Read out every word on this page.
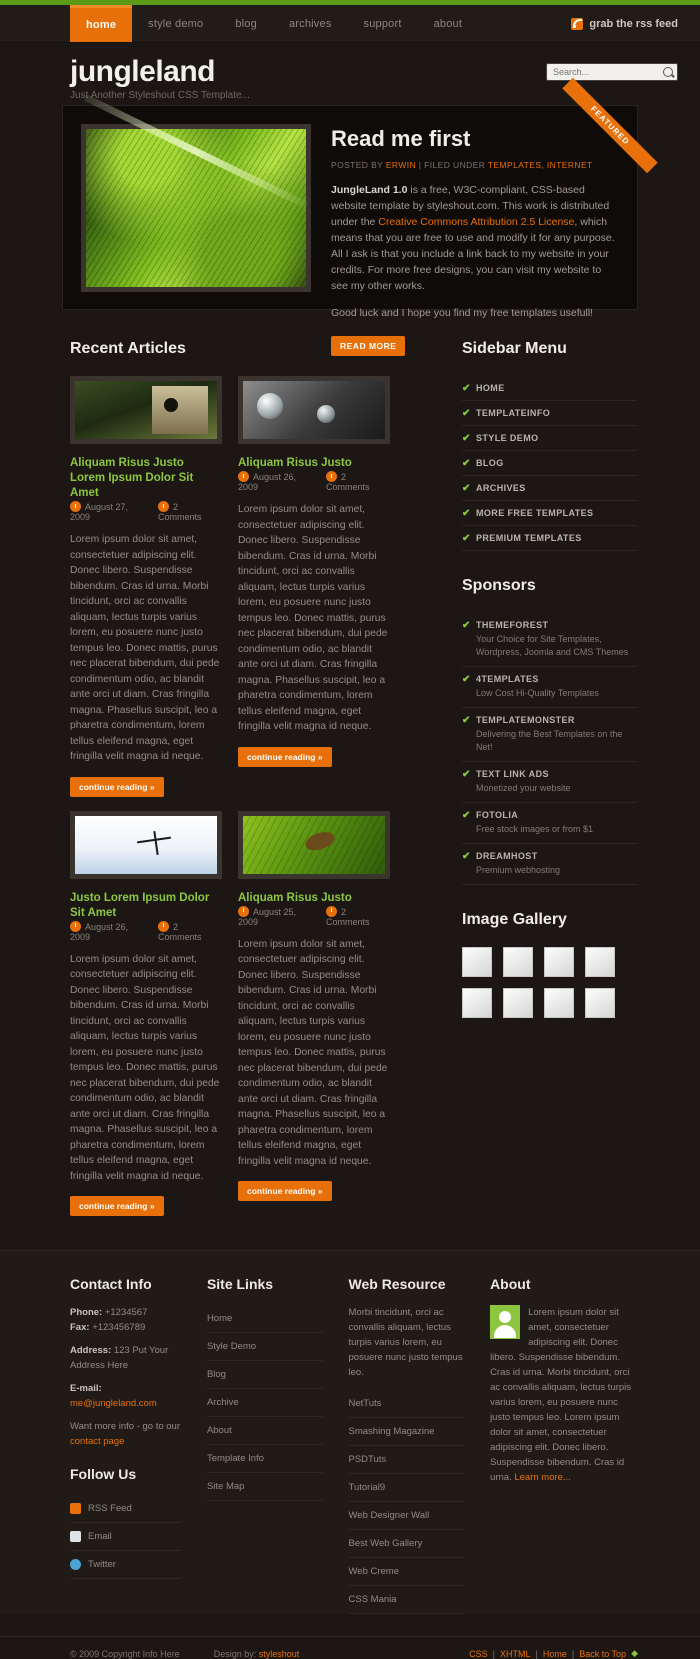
home	style demo	blog	archives	support	about	grab the rss feed
jungleland
Just Another Styleshout CSS Template...
Search...
FEATURED
Read me first
POSTED BY ERWIN | FILED UNDER TEMPLATES, INTERNET
JungleLand 1.0 is a free, W3C-compliant, CSS-based website template by styleshout.com. This work is distributed under the Creative Commons Attribution 2.5 License, which means that you are free to use and modify it for any purpose. All I ask is that you include a link back to my website in your credits. For more free designs, you can visit my website to see my other works.
Good luck and I hope you find my free templates usefull!
READ MORE
Recent Articles
Aliquam Risus Justo Lorem Ipsum Dolor Sit Amet
August 27, 2009
2 Comments
Lorem ipsum dolor sit amet, consectetuer adipiscing elit. Donec libero. Suspendisse bibendum. Cras id urna. Morbi tincidunt, orci ac convallis aliquam, lectus turpis varius lorem, eu posuere nunc justo tempus leo. Donec mattis, purus nec placerat bibendum, dui pede condimentum odio, ac blandit ante orci ut diam. Cras fringilla magna. Phasellus suscipit, leo a pharetra condimentum, lorem tellus eleifend magna, eget fringilla velit magna id neque.
continue reading »
Aliquam Risus Justo
August 26, 2009
2 Comments
Lorem ipsum dolor sit amet, consectetuer adipiscing elit. Donec libero. Suspendisse bibendum. Cras id urna. Morbi tincidunt, orci ac convallis aliquam, lectus turpis varius lorem, eu posuere nunc justo tempus leo. Donec mattis, purus nec placerat bibendum, dui pede condimentum odio, ac blandit ante orci ut diam. Cras fringilla magna. Phasellus suscipit, leo a pharetra condimentum, lorem tellus eleifend magna, eget fringilla velit magna id neque.
continue reading »
Justo Lorem Ipsum Dolor Sit Amet
August 26, 2009
2 Comments
Lorem ipsum dolor sit amet, consectetuer adipiscing elit. Donec libero. Suspendisse bibendum. Cras id urna. Morbi tincidunt, orci ac convallis aliquam, lectus turpis varius lorem, eu posuere nunc justo tempus leo. Donec mattis, purus nec placerat bibendum, dui pede condimentum odio, ac blandit ante orci ut diam. Cras fringilla magna. Phasellus suscipit, leo a pharetra condimentum, lorem tellus eleifend magna, eget fringilla velit magna id neque.
continue reading »
Aliquam Risus Justo
August 25, 2009
2 Comments
Lorem ipsum dolor sit amet, consectetuer adipiscing elit. Donec libero. Suspendisse bibendum. Cras id urna. Morbi tincidunt, orci ac convallis aliquam, lectus turpis varius lorem, eu posuere nunc justo tempus leo. Donec mattis, purus nec placerat bibendum, dui pede condimentum odio, ac blandit ante orci ut diam. Cras fringilla magna. Phasellus suscipit, leo a pharetra condimentum, lorem tellus eleifend magna, eget fringilla velit magna id neque.
continue reading »
Sidebar Menu
✔ HOME
✔ TEMPLATEINFO
✔ STYLE DEMO
✔ BLOG
✔ ARCHIVES
✔ MORE FREE TEMPLATES
✔ PREMIUM TEMPLATES
Sponsors
✔ THEMEFOREST
Your Choice for Site Templates, Wordpress, Joomla and CMS Themes
✔ 4TEMPLATES
Low Cost Hi-Quality Templates
✔ TEMPLATEMONSTER
Delivering the Best Templates on the Net!
✔ TEXT LINK ADS
Monetized your website
✔ FOTOLIA
Free stock images or from $1
✔ DREAMHOST
Premium webhosting
Image Gallery
Contact Info
Phone: +1234567
Fax: +123456789
Address: 123 Put Your Address Here
E-mail: me@jungleland.com
Want more info - go to our contact page
Follow Us
RSS Feed
Email
Twitter
Site Links
Home
Style Demo
Blog
Archive
About
Template Info
Site Map
Web Resource
Morbi tincidunt, orci ac convallis aliquam, lectus turpis varius lorem, eu posuere nunc justo tempus leo.
NetTuts
Smashing Magazine
PSDTuts
Tutorial9
Web Designer Wall
Best Web Gallery
Web Creme
CSS Mania
About
Lorem ipsum dolor sit amet, consectetuer adipiscing elit. Donec libero. Suspendisse bibendum. Cras id urna. Morbi tincidunt, orci ac convallis aliquam, lectus turpis varius lorem, eu posuere nunc justo tempus leo. Lorem ipsum dolor sit amet, consectetuer adipiscing elit. Donec libero. Suspendisse bibendum. Cras id urna. Learn more...
© 2009 Copyright Info Here	Design by: styleshout	CSS | XHTML | Home | Back to Top ◆
